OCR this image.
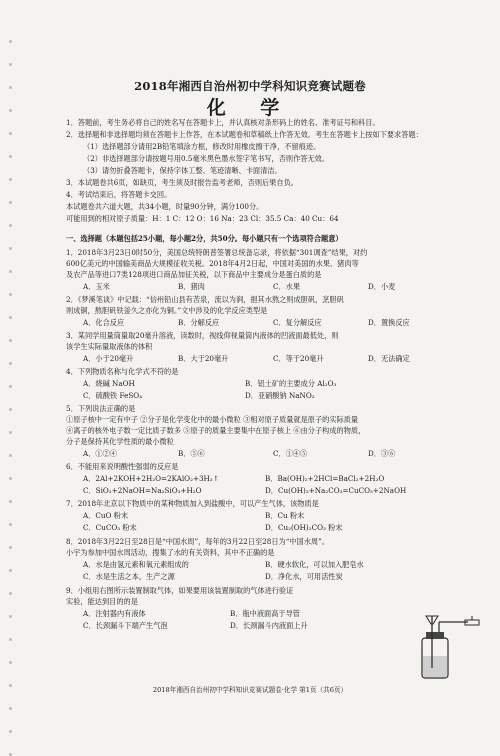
2018年湘西自治州初中学科知识竞赛试题卷
化 学
1．答题前，考生务必将自己的姓名写在答题卡上，并认真核对条形码上的姓名、准考证号和科目。
2．选择题和非选择题均须在答题卡上作答，在本试题卷和草稿纸上作答无效。考生在答题卡上按如下要求答题：
（1）选择题部分请用2B铅笔填涂方框，修改时用橡皮擦干净，不留痕迹。
（2）非选择题部分请按题号用0.5毫米黑色墨水签字笔书写，否则作答无效。
（3）请勿折叠答题卡，保持字体工整、笔迹清晰、卡面清洁。
3．本试题卷共6页，如缺页，考生须及时报告监考老师，否则后果自负。
4．考试结束后，将答题卡交回。
本试题卷共六道大题，共34小题，时量90分钟，满分100分。
可能用到的相对原子质量：H：1 C：12 O：16 Na：23 Cl：35.5 Ca：40 Cu：64
一、选择题（本题包括25小题，每小题2分，共50分。每小题只有一个选项符合题意）
1．2018年3月23日0时50分，美国总统特朗普签署总统备忘录，将依据“301调查”结果，对约
600亿美元的中国输美商品大规模征收关税。2018年4月2日起，中国对美国的水果、猪肉等
及农产品等进口7类128项进口商品加征关税，以下商品中主要成分是蛋白质的是
A．玉米	B．猪肉	C．水果	D．小麦
2．《梦溪笔谈》中记载：“信州铅山县有苦泉，流以为涧，挹其水熬之则成胆矾，烹胆矾
则成铜，熬胆矾铁釜久之亦化为铜。”文中涉及的化学反应类型是
A．化合反应	B．分解反应	C．复分解反应	D．置换反应
3．某同学用量筒量取20毫升溶液，读数时，视线仰视量筒内液体的凹液面最低处，则
该学生实际量取液体的体积
A．小于20毫升	B．大于20毫升	C．等于20毫升	D．无法确定
4．下列物质名称与化学式不符的是
A．烧碱 NaOH	B．铝土矿的主要成分 Al₂O₃
C．硫酸铁 FeSO₄	D．亚硝酸钠 NaNO₂
5．下列说法正确的是
①原子核中一定有中子 ②分子是化学变化中的最小微粒 ③相对原子质量就是原子的实际质量
④离子的核外电子数一定比质子数多 ⑤原子的质量主要集中在原子核上 ⑥由分子构成的物质，
分子是保持其化学性质的最小微粒
A．①②④	B．⑤⑥	C．①④⑤	D．③⑥
6．不能用来说明酸性强弱的反应是
A．2Al+2KOH+2H₂O=2KAlO₂+3H₂↑	B．Ba(OH)₂+2HCl=BaCl₂+2H₂O
C．SiO₂+2NaOH=Na₂SiO₃+H₂O	D．Cu(OH)₂+Na₂CO₃=CuCO₃+2NaOH
7．2018年北京以下物质中的某种物质加入到盐酸中，可以产生气体，该物质是
A．CuO 粉末	B．Cu 粉末
C．CuCO₃ 粉末	D．Cu₂(OH)₂CO₃ 粉末
8．2018年3月22日至28日是“中国水周”，每年的3月22日至28日为“中国水周”。
小宇为参加中国水周活动，搜集了水的有关资料，其中不正确的是
A．水是由氢元素和氧元素组成的	B．硬水软化，可以加入肥皂水
C．水是生活之本，生产之源	D．净化水，可用活性炭
9．小组用右图所示装置制取气体，如果要用该装置制取的气体进行验证
实验，能达到目的的是
A．注射器内有液体	B．瓶中液面高于导管
C．长颈漏斗下端产生气泡	D．长颈漏斗内液面上升
2018年湘西自治州初中学科知识竞赛试题卷·化学 第1页（共6页）
